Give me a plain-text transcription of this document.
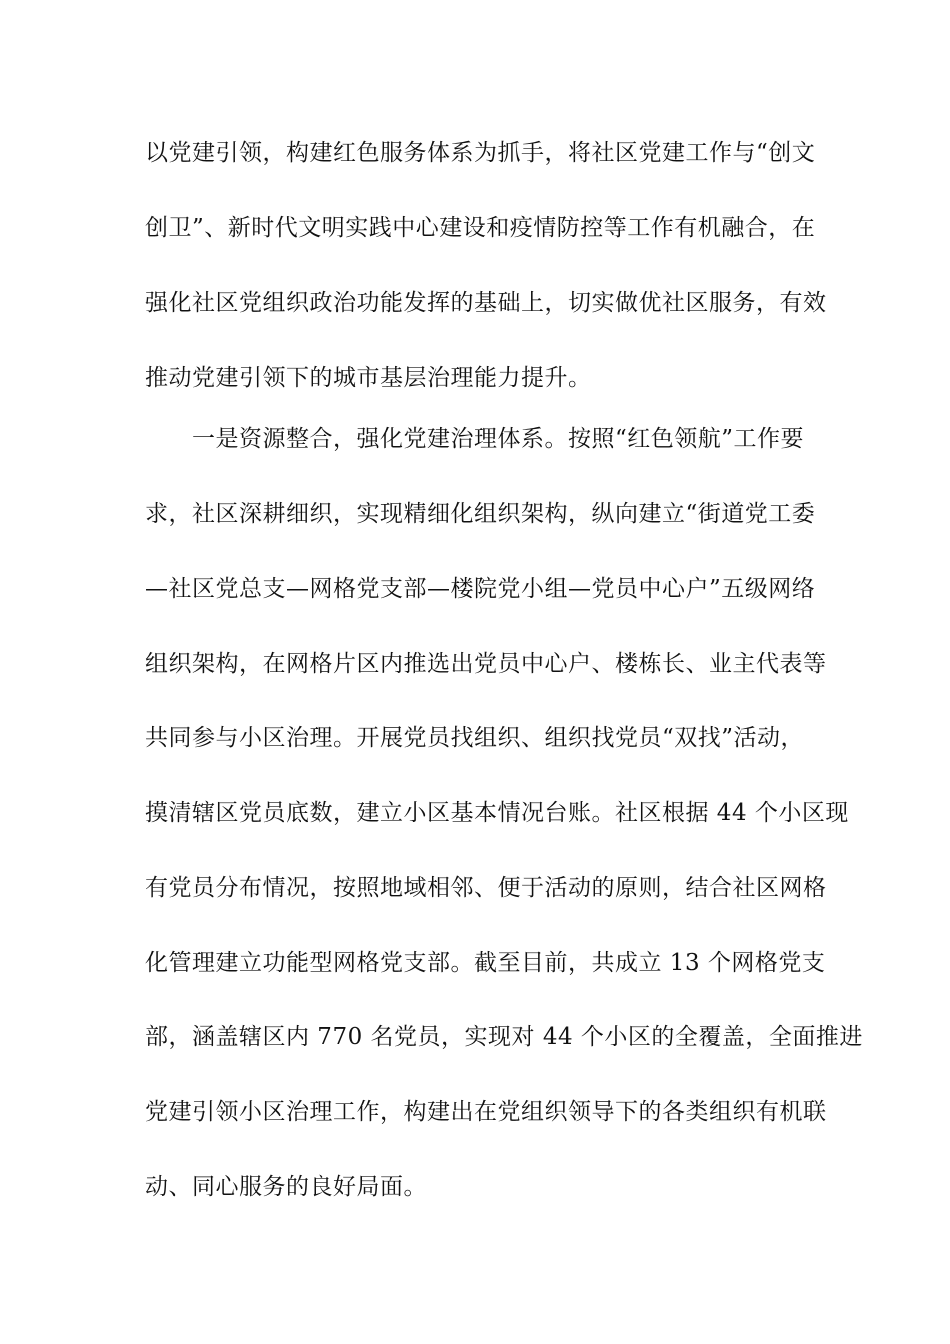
以党建引领，构建红色服务体系为抓手，将社区党建工作与“创文
创卫”、新时代文明实践中心建设和疫情防控等工作有机融合，在
强化社区党组织政治功能发挥的基础上，切实做优社区服务，有效
推动党建引领下的城市基层治理能力提升。
一是资源整合，强化党建治理体系。按照“红色领航”工作要
求，社区深耕细织，实现精细化组织架构，纵向建立“街道党工委
—社区党总支—网格党支部—楼院党小组—党员中心户”五级网络
组织架构，在网格片区内推选出党员中心户、楼栋长、业主代表等
共同参与小区治理。开展党员找组织、组织找党员“双找”活动，
摸清辖区党员底数，建立小区基本情况台账。社区根据 44 个小区现
有党员分布情况，按照地域相邻、便于活动的原则，结合社区网格
化管理建立功能型网格党支部。截至目前，共成立 13 个网格党支
部，涵盖辖区内 770 名党员，实现对 44 个小区的全覆盖，全面推进
党建引领小区治理工作，构建出在党组织领导下的各类组织有机联
动、同心服务的良好局面。
